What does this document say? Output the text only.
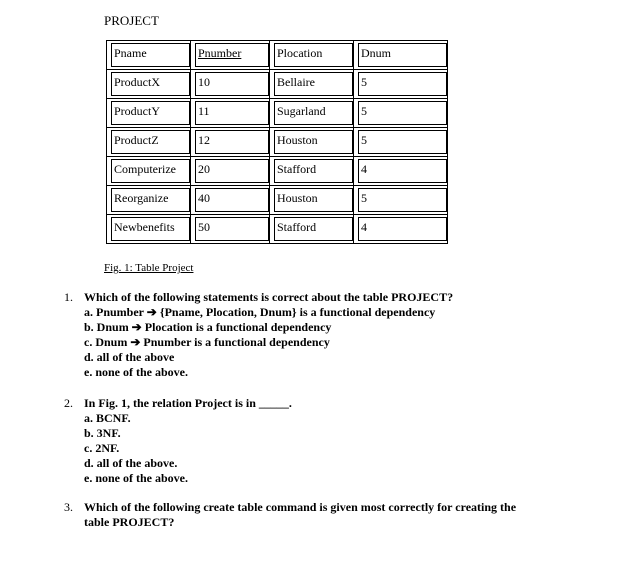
PROJECT
Pname	Pnumber	Plocation	Dnum

ProductX	10	Bellaire	5

ProductY	11	Sugarland	5

ProductZ	12	Houston	5

Computerize	20	Stafford	4

Reorganize	40	Houston	5

Newbenefits	50	Stafford	4
Fig. 1: Table Project
1. Which of the following statements is correct about the table PROJECT?
a. Pnumber ➔ {Pname, Plocation, Dnum} is a functional dependency
b. Dnum ➔ Plocation is a functional dependency
c. Dnum ➔ Pnumber is a functional dependency
d. all of the above
e. none of the above.
2. In Fig. 1, the relation Project is in _____.
a. BCNF.
b. 3NF.
c. 2NF.
d. all of the above.
e. none of the above.
3. Which of the following create table command is given most correctly for creating the
table PROJECT?
